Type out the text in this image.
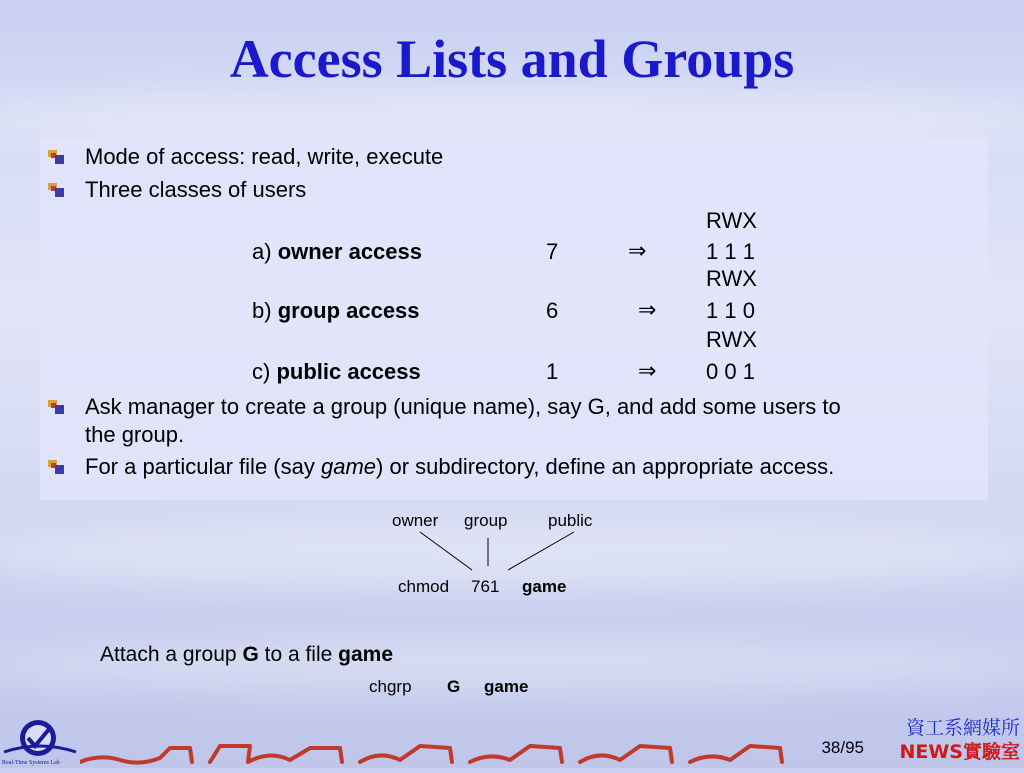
Access Lists and Groups
Mode of access: read, write, execute
Three classes of users
RWX
a) owner access	7	⇒	1 1 1
RWX
b) group access	6	⇒ 1 1 0
RWX
c) public access	1	⇒ 0 0 1
Ask manager to create a group (unique name), say G, and add some users to
the group.
For a particular file (say game) or subdirectory, define an appropriate access.
owner group public
chmod 761 game
Attach a group G to a file game
chgrp G game
Real-Time Systems Lab
38/95
資工系網媒所
NEWS實驗室
